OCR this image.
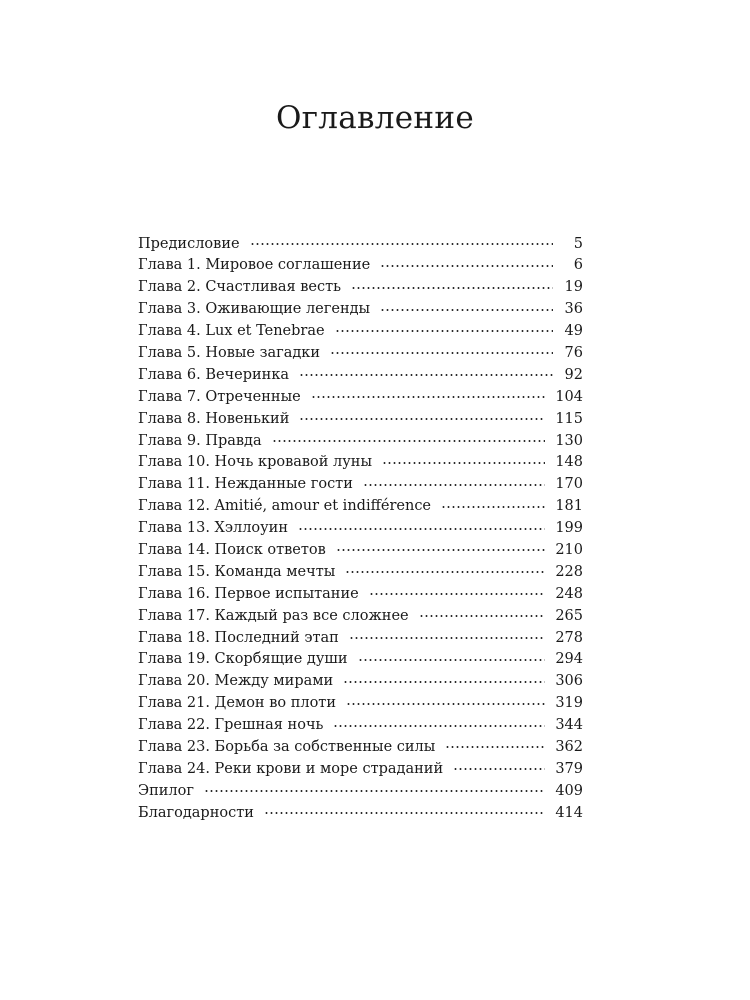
Оглавление
Предисловие	5
Глава 1. Мировое соглашение	6
Глава 2. Счастливая весть	19
Глава 3. Оживающие легенды	36
Глава 4. Lux et Tenebrae	49
Глава 5. Новые загадки	76
Глава 6. Вечеринка	92
Глава 7. Отреченные	104
Глава 8. Новенький	115
Глава 9. Правда	130
Глава 10. Ночь кровавой луны	148
Глава 11. Нежданные гости	170
Глава 12. Amitié, amour et indifférence	181
Глава 13. Хэллоуин	199
Глава 14. Поиск ответов	210
Глава 15. Команда мечты	228
Глава 16. Первое испытание	248
Глава 17. Каждый раз все сложнее	265
Глава 18. Последний этап	278
Глава 19. Скорбящие души	294
Глава 20. Между мирами	306
Глава 21. Демон во плоти	319
Глава 22. Грешная ночь	344
Глава 23. Борьба за собственные силы	362
Глава 24. Реки крови и море страданий	379
Эпилог	409
Благодарности	414
